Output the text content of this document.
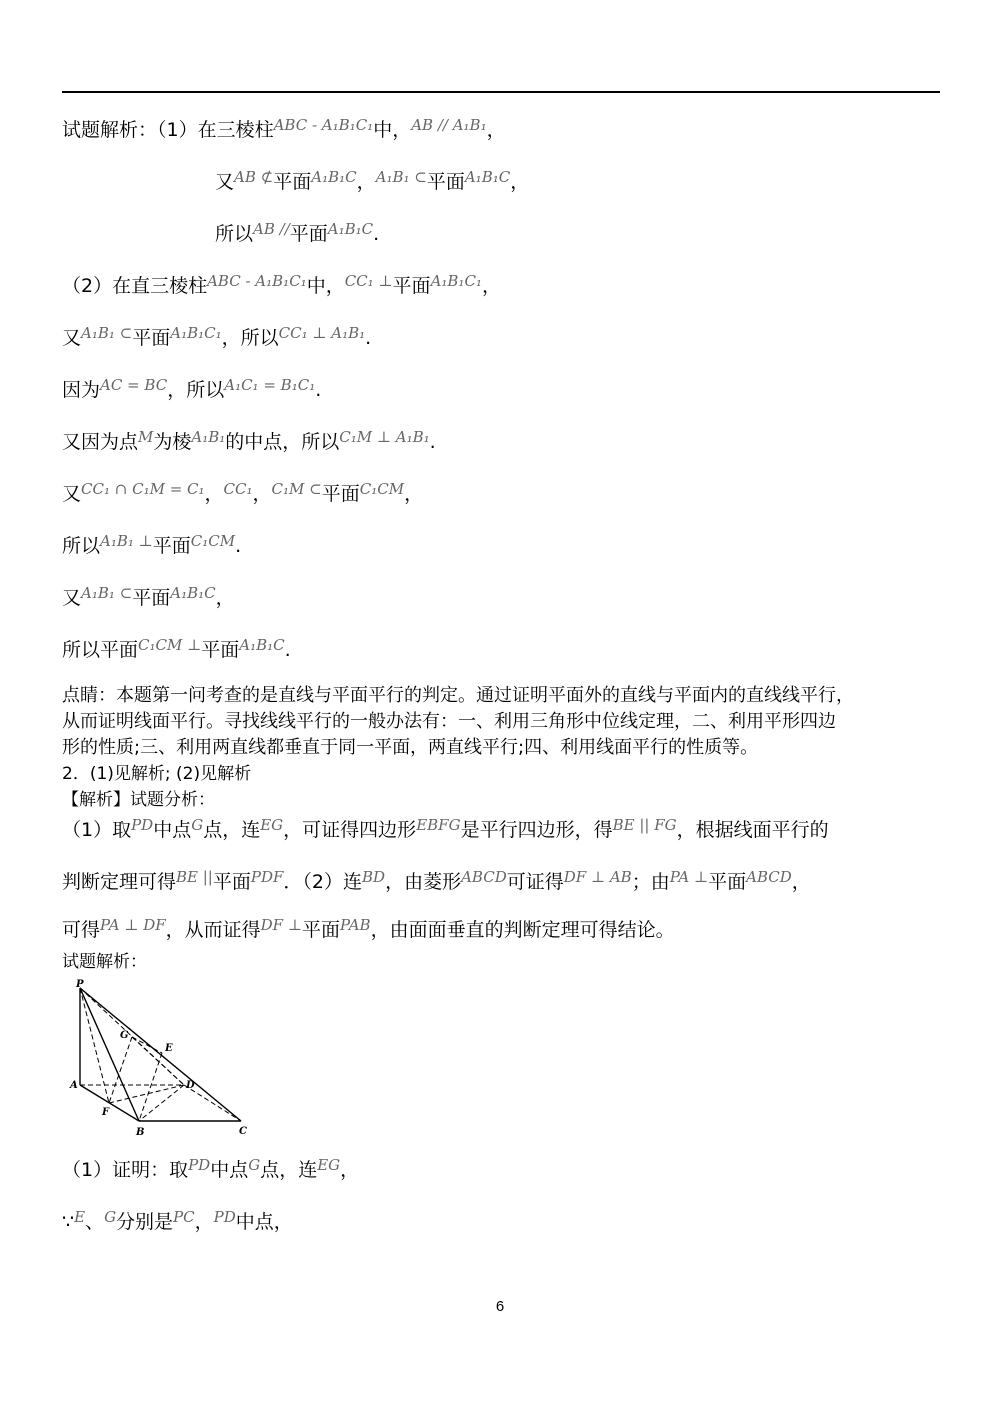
试题解析：（1）在三棱柱$^{ABC - A_1B_1C_1}$中，$^{AB // A_1B_1}$，
又$^{AB ⊄}$平面$^{A_1B_1C}$，$^{A_1B_1 \subset}$平面$^{A_1B_1C}$，
所以$^{AB //}$平面$^{A_1B_1C}$.
（2）在直三棱柱$^{ABC - A_1B_1C_1}$中，$^{CC_1 \perp}$平面$^{A_1B_1C_1}$，
又$^{A_1B_1 \subset}$平面$^{A_1B_1C_1}$，所以$^{CC_1 \perp A_1B_1}$.
因为$^{AC = BC}$，所以$^{A_1C_1 = B_1C_1}$.
又因为点$^M$为棱$^{A_1B_1}$的中点，所以$^{C_1M \perp A_1B_1}$.
又$^{CC_1 \cap C_1M = C_1}$，$^{CC_1}$，$^{C_1M \subset}$平面$^{C_1CM}$，
所以$^{A_1B_1 \perp}$平面$^{C_1CM}$.
又$^{A_1B_1 \subset}$平面$^{A_1B_1C}$，
所以平面$^{C_1CM \perp}$平面$^{A_1B_1C}$.
点睛：本题第一问考查的是直线与平面平行的判定。通过证明平面外的直线与平面内的直线线平行，
从而证明线面平行。寻找线线平行的一般办法有：一、利用三角形中位线定理，二、利用平形四边
形的性质;三、利用两直线都垂直于同一平面，两直线平行;四、利用线面平行的性质等。
2．(1)见解析; (2)见解析
【解析】试题分析：
（1）取$^{PD}$中点$^G$点，连$^{EG}$，可证得四边形$^{EBFG}$是平行四边形，得$^{BE || FG}$，根据线面平行的
判断定理可得$^{BE ||}$平面$^{PDF}$．（2）连$^{BD}$，由菱形$^{ABCD}$可证得$^{DF \perp AB}$；由$^{PA \perp}$平面$^{ABCD}$，
可得$^{PA \perp DF}$，从而证得$^{DF \perp}$平面$^{PAB}$，由面面垂直的判断定理可得结论。
试题解析：
P
G
E
A	D
F
B	C
（1）证明：取$^{PD}$中点$^G$点，连$^{EG}$，
∵$^E$、$^G$分别是$^{PC}$，$^{PD}$中点，
6
